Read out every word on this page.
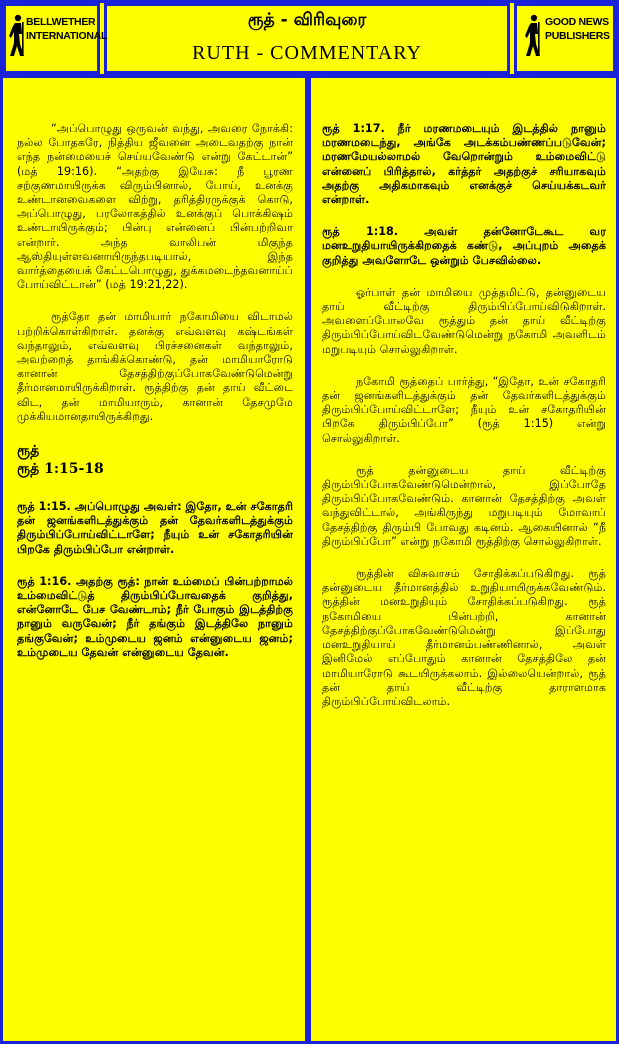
BELLWETHER
INTERNATIONAL
ரூத் - விரிவுரை
RUTH - COMMENTARY
GOOD NEWS
PUBLISHERS

“அப்பொழுது ஒருவன் வந்து, அவரை நோக்கி: நல்ல போதகரே, நித்திய ஜீவனை அடைவதற்கு நான் எந்த நன்மையைச் செய்யவேண்டு என்று கேட்டான்” (மத் 19:16). “அதற்கு இயேசு: நீ பூரண சற்குணமாயிருக்க விரும்பினால், போய், உனக்கு உண்டானவைகளை விற்று, தரித்திரருக்குக் கொடு, அப்பொழுது, பரலோகத்தில் உனக்குப் பொக்கிஷம் உண்டாயிருக்கும்; பின்பு என்னைப் பின்பற்றிவா என்றார். அந்த வாலிபன் மிகுந்த ஆஸ்தியுள்ளவனாயிருந்தபடியால், இந்த வார்த்தையைக் கேட்டபொழுது, துக்கமடைந்தவனாய்ப் போய்விட்டான்” (மத் 19:21,22).

ரூத்தோ தன் மாமியார் நகோமியை விடாமல் பற்றிக்கொள்கிறாள். தனக்கு எவ்வளவு கஷ்டங்கள் வந்தாலும், எவ்வளவு பிரச்சனைகள் வந்தாலும், அவற்றைத் தாங்கிக்கொண்டு, தன் மாமியாரோடு கானான் தேசத்திற்குப்போகவேண்டுமென்று தீர்மானமாயிருக்கிறாள். ரூத்திற்கு தன் தாய் வீட்டை விட, தன் மாமியாரும், கானான் தேசமுமே முக்கியமானதாயிருக்கிறது.

ரூத்
ரூத் 1:15-18

ரூத் 1:15. அப்பொழுது அவள்: இதோ, உன் சகோதரி தன் ஜனங்களிடத்துக்கும் தன் தேவர்களிடத்துக்கும் திரும்பிப்போய்விட்டாளே; நீயும் உன் சகோதரியின் பிறகே திரும்பிப்போ என்றாள்.

ரூத் 1:16. அதற்கு ரூத்: நான் உம்மைப் பின்பற்றாமல் உம்மைவிட்டுத் திரும்பிப்போவதைக் குறித்து, என்னோடே பேச வேண்டாம்; நீர் போகும் இடத்திற்கு நானும் வருவேன்; நீர் தங்கும் இடத்திலே நானும் தங்குவேன்; உம்முடைய ஜனம் என்னுடைய ஜனம்; உம்முடைய தேவன் என்னுடைய தேவன்.

ரூத் 1:17. நீர் மரணமடையும் இடத்தில் நானும் மரணமடைந்து, அங்கே அடக்கம்பண்ணப்படுவேன்; மரணமேயல்லாமல் வேறொன்றும் உம்மைவிட்டு என்னைப் பிரித்தால், கர்த்தர் அதற்குச் சரியாகவும் அதற்கு அதிகமாகவும் எனக்குச் செய்யக்கடவர் என்றாள்.

ரூத் 1:18. அவள் தன்னோடேகூட வர மனஉறுதியாயிருக்கிறதைக் கண்டு, அப்புறம் அதைக் குறித்து அவளோடே ஒன்றும் பேசவில்லை.

ஓர்பாள் தன் மாமியை முத்தமிட்டு, தன்னுடைய தாய் வீட்டிற்கு திரும்பிப்போய்விடுகிறாள். அவளைப்போலவே ரூத்தும் தன் தாய் வீட்டிற்கு திரும்பிப்போய்விடவேண்டுமென்று நகோமி அவளிடம் மறுபடியும் சொல்லுகிறாள்.

நகோமி ரூத்தைப் பார்த்து, “இதோ, உன் சகோதரி தன் ஜனங்களிடத்துக்கும் தன் தேவர்களிடத்துக்கும் திரும்பிப்போய்விட்டாளே; நீயும் உன் சகோதரியின் பிறகே திரும்பிப்போ” (ரூத் 1:15) என்று சொல்லுகிறாள்.

ரூத் தன்னுடைய தாய் வீட்டிற்கு திரும்பிப்போகவேண்டுமென்றால், இப்போதே திரும்பிப்போகவேண்டும். கானான் தேசத்திற்கு அவள் வந்துவிட்டால், அங்கிருந்து மறுபடியும் மோவாப் தேசத்திற்கு திரும்பி போவது கடினம். ஆகையினால் “நீ திரும்பிப்போ” என்று நகோமி ரூத்திற்கு சொல்லுகிறாள்.

ரூத்தின் விசுவாசம் சோதிக்கப்படுகிறது. ரூத் தன்னுடைய தீர்மானத்தில் உறுதியாயிருக்கவேண்டும். ரூத்தின் மனஉறுதியும் சோதிக்கப்படுகிறது. ரூத் நகோமியை பின்பற்றி, கானான் தேசத்திற்குப்போகவேண்டுமென்று இப்போது மனஉறுதியாய் தீர்மானம்பண்ணினால், அவள் இனிமேல் எப்போதும் கானான் தேசத்திலே தன் மாமியாரோடு கூடயிருக்கலாம். இல்லையென்றால், ரூத் தன் தாய் வீட்டிற்கு தாராளமாக திரும்பிப்போய்விடலாம்.
